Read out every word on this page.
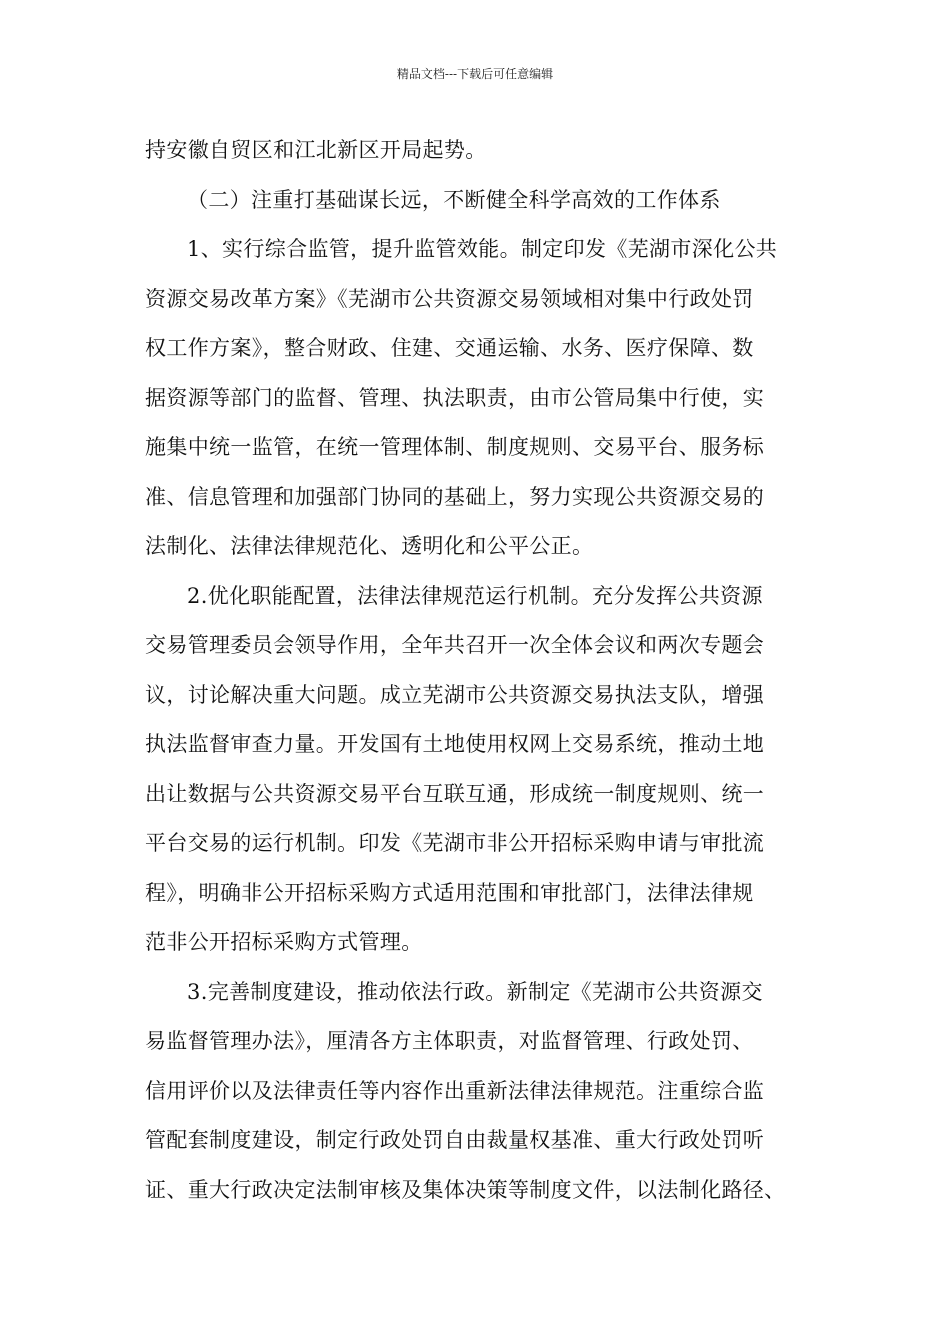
精品文档---下载后可任意编辑
持安徽自贸区和江北新区开局起势。
（二）注重打基础谋长远，不断健全科学高效的工作体系
1、实行综合监管，提升监管效能。制定印发《芜湖市深化公共
资源交易改革方案》《芜湖市公共资源交易领域相对集中行政处罚
权工作方案》，整合财政、住建、交通运输、水务、医疗保障、数
据资源等部门的监督、管理、执法职责，由市公管局集中行使，实
施集中统一监管，在统一管理体制、制度规则、交易平台、服务标
准、信息管理和加强部门协同的基础上，努力实现公共资源交易的
法制化、法律法律规范化、透明化和公平公正。
2.优化职能配置，法律法律规范运行机制。充分发挥公共资源
交易管理委员会领导作用，全年共召开一次全体会议和两次专题会
议，讨论解决重大问题。成立芜湖市公共资源交易执法支队，增强
执法监督审查力量。开发国有土地使用权网上交易系统，推动土地
出让数据与公共资源交易平台互联互通，形成统一制度规则、统一
平台交易的运行机制。印发《芜湖市非公开招标采购申请与审批流
程》，明确非公开招标采购方式适用范围和审批部门，法律法律规
范非公开招标采购方式管理。
3.完善制度建设，推动依法行政。新制定《芜湖市公共资源交
易监督管理办法》，厘清各方主体职责，对监督管理、行政处罚、
信用评价以及法律责任等内容作出重新法律法律规范。注重综合监
管配套制度建设，制定行政处罚自由裁量权基准、重大行政处罚听
证、重大行政决定法制审核及集体决策等制度文件，以法制化路径、
